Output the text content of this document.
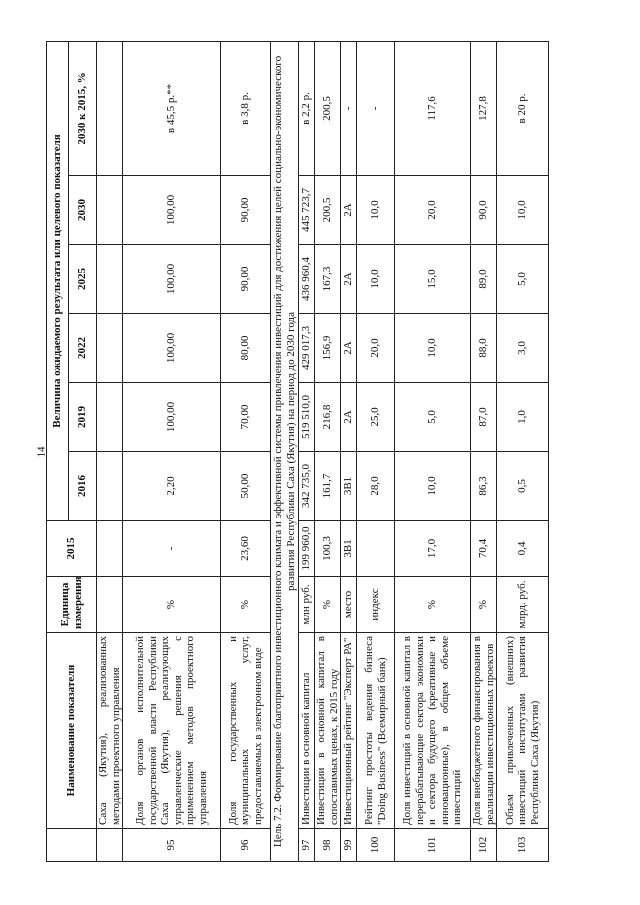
14
	Наименование показателя	Единица измерения	2015	Величина ожидаемого результата или целевого показателя					
				2016	2019	2022	2025	2030	2030 к 2015, %
	Саха (Якутия), реализованных методами проектного управления								
95	Доля органов исполнительной государственной власти Республики Саха (Якутия), реализующих управленческие решения с применением методов проектного управления	%	-	2,20	100,00	100,00	100,00	100,00	в 45,5 р.**
96	Доля государственных и муниципальных услуг, предоставляемых в электронном виде	%	23,60	50,00	70,00	80,00	90,00	90,00	в 3,8 р.
Цель 7.2. Формирование благоприятного инвестиционного климата и эффективной системы привлечения инвестиций для достижения целей социально-экономического развития Республики Саха (Якутия) на период до 2030 года									
97	Инвестиции в основной капитал	млн руб.	199 960,0	342 735,0	519 510,0	429 017,3	436 960,4	445 723,7	в 2,2 р.
98	Инвестиции в основной капитал в сопоставимых ценах, к 2015 году	%	100,3	161,7	216,8	156,9	167,3	200,5	200,5
99	Инвестиционный рейтинг "Эксперт РА"	место	3В1	3В1	2А	2А	2А	2А	-
100	Рейтинг простоты ведения бизнеса "Doing Business" (Всемирный банк)	индекс		28,0	25,0	20,0	10,0	10,0	-
101	Доля инвестиций в основной капитал в перерабатывающие сектора экономики и сектора будущего (креативные и инновационные), в общем объеме инвестиций	%	17,0	10,0	5,0	10,0	15,0	20,0	117,6
102	Доля внебюджетного финансирования в реализации инвестиционных проектов	%	70,4	86,3	87,0	88,0	89,0	90,0	127,8
103	Объем привлеченных (внешних) инвестиций институтами развития Республики Саха (Якутия)	млрд. руб.	0,4	0,5	1,0	3,0	5,0	10,0	в 20 р.
